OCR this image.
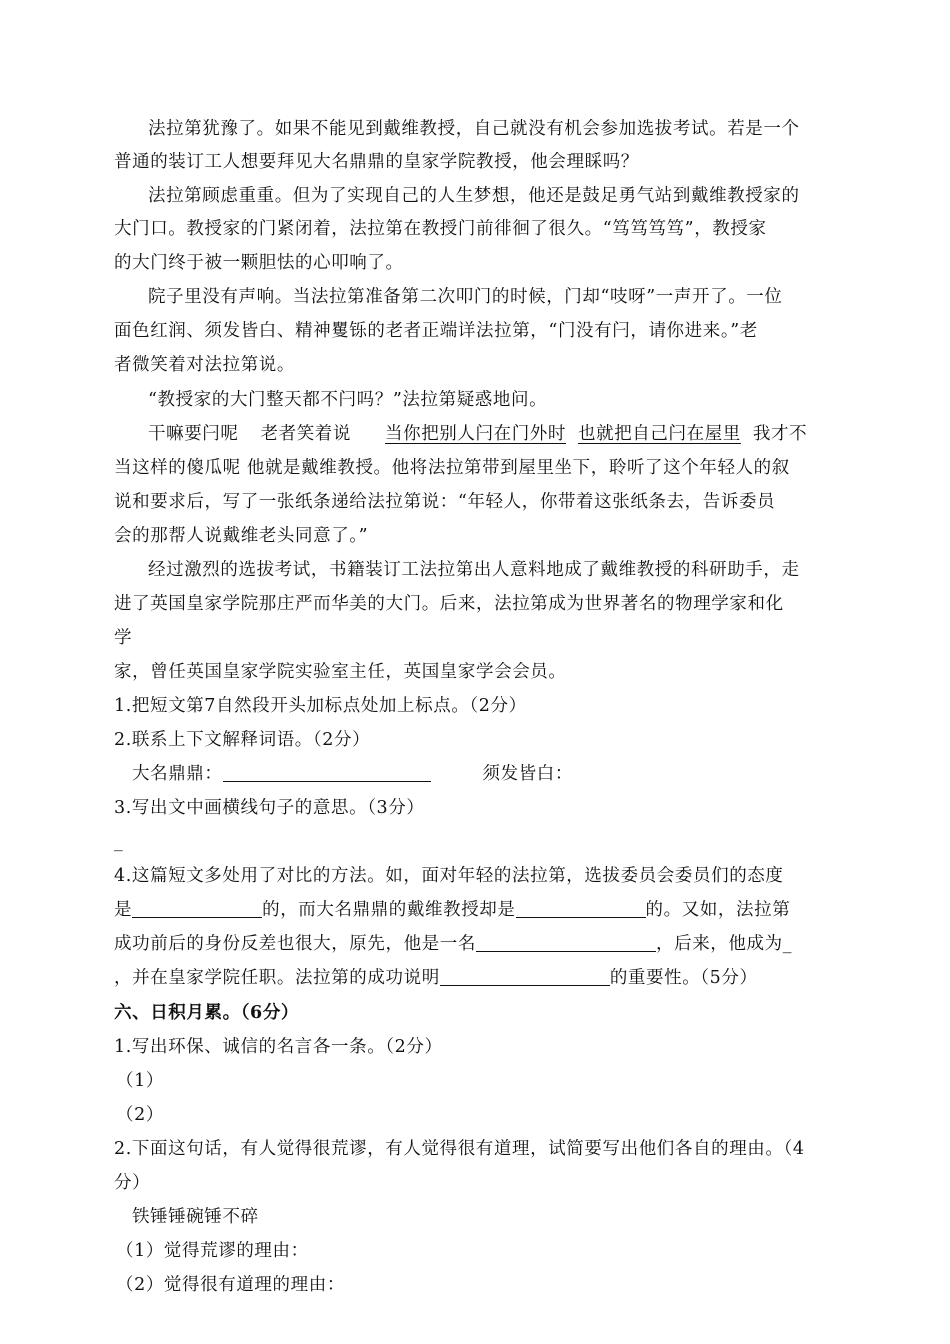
法拉第犹豫了。如果不能见到戴维教授，自己就没有机会参加选拔考试。若是一个
普通的装订工人想要拜见大名鼎鼎的皇家学院教授，他会理睬吗？
法拉第顾虑重重。但为了实现自己的人生梦想，他还是鼓足勇气站到戴维教授家的
大门口。教授家的门紧闭着，法拉第在教授门前徘徊了很久。“笃笃笃笃”，教授家
的大门终于被一颗胆怯的心叩响了。
院子里没有声响。当法拉第准备第二次叩门的时候，门却“吱呀”一声开了。一位
面色红润、须发皆白、精神矍铄的老者正端详法拉第，“门没有闩，请你进来。”老
者微笑着对法拉第说。
“教授家的大门整天都不闩吗？”法拉第疑惑地问。
干嘛要闩呢 老者笑着说 当你把别人闩在门外时 也就把自己闩在屋里 我才不
当这样的傻瓜呢 他就是戴维教授。他将法拉第带到屋里坐下，聆听了这个年轻人的叙
说和要求后，写了一张纸条递给法拉第说：“年轻人，你带着这张纸条去，告诉委员
会的那帮人说戴维老头同意了。”
经过激烈的选拔考试，书籍装订工法拉第出人意料地成了戴维教授的科研助手，走
进了英国皇家学院那庄严而华美的大门。后来，法拉第成为世界著名的物理学家和化
学
家，曾任英国皇家学院实验室主任，英国皇家学会会员。
1.把短文第7自然段开头加标点处加上标点。（2分）
2.联系上下文解释词语。（2分）
大名鼎鼎：	须发皆白：
3.写出文中画横线句子的意思。（3分）
_
4.这篇短文多处用了对比的方法。如，面对年轻的法拉第，选拔委员会委员们的态度
是	的，而大名鼎鼎的戴维教授却是	的。又如，法拉第
成功前后的身份反差也很大，原先，他是一名	，后来，他成为_
，并在皇家学院任职。法拉第的成功说明	的重要性。（5分）
六、日积月累。（6分）
1.写出环保、诚信的名言各一条。（2分）
（1）
（2）
2.下面这句话，有人觉得很荒谬，有人觉得很有道理，试简要写出他们各自的理由。（4
分）
铁锤锤碗锤不碎
（1）觉得荒谬的理由：
（2）觉得很有道理的理由：
